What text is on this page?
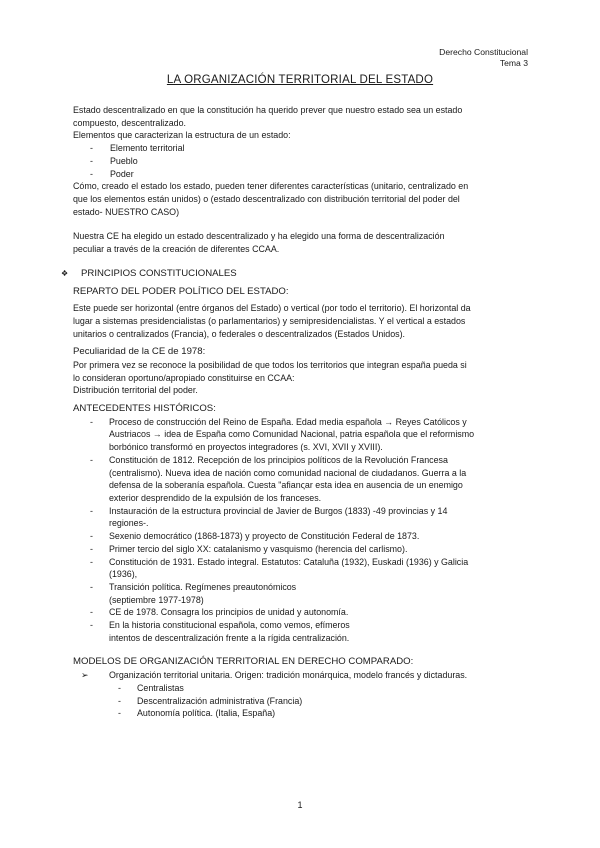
Derecho Constitucional
Tema 3
LA ORGANIZACIÓN TERRITORIAL DEL ESTADO

Estado descentralizado en que la constitución ha querido prever que nuestro estado sea un estado

compuesto, descentralizado.

Elementos que caracterizan la estructura de un estado:

- Elemento territorial
- Pueblo
- Poder

Cómo, creado el estado los estado, pueden tener diferentes características (unitario, centralizado en

que los elementos están unidos) o (estado descentralizado con distribución territorial del poder del

estado- NUESTRO CASO)

Nuestra CE ha elegido un estado descentralizado y ha elegido una forma de descentralización

peculiar a través de la creación de diferentes CCAA.

❖ PRINCIPIOS CONSTITUCIONALES

REPARTO DEL PODER POLÍTICO DEL ESTADO:

Este puede ser horizontal (entre órganos del Estado) o vertical (por todo el territorio). El horizontal da

lugar a sistemas presidencialistas (o parlamentarios) y semipresidencialistas. Y el vertical a estados

unitarios o centralizados (Francia), o federales o descentralizados (Estados Unidos).

Peculiaridad de la CE de 1978:

Por primera vez se reconoce la posibilidad de que todos los territorios que integran españa pueda si

lo consideran oportuno/apropiado constituirse en CCAA:

Distribución territorial del poder.

ANTECEDENTES HISTÓRICOS:

- Proceso de construcción del Reino de España. Edad media española → Reyes Católicos y
Austriacos → idea de España como Comunidad Nacional, patria española que el reformismo
borbónico transformó en proyectos integradores (s. XVI, XVII y XVIII).
- Constitución de 1812. Recepción de los principios políticos de la Revolución Francesa
(centralismo). Nueva idea de nación como comunidad nacional de ciudadanos. Guerra a la
defensa de la soberanía española. Cuesta "afianςar esta idea en ausencia de un enemigo
exterior desprendido de la expulsión de los franceses.
- Instauración de la estructura provincial de Javier de Burgos (1833) -49 provincias y 14
regiones-.
- Sexenio democrático (1868-1873) y proyecto de Constitución Federal de 1873.
- Primer tercio del siglo XX: catalanismo y vasquismo (herencia del carlismo).
- Constitución de 1931. Estado integral. Estatutos: Cataluña (1932), Euskadi (1936) y Galicia
(1936),
- Transición política. Regímenes preautonómicos
(septiembre 1977-1978)
- CE de 1978. Consagra los principios de unidad y autonomía.
- En la historia constitucional española, como vemos, efímeros
intentos de descentralización frente a la rígida centralización.

MODELOS DE ORGANIZACIÓN TERRITORIAL EN DERECHO COMPARADO:

➢ Organización territorial unitaria. Origen: tradición monárquica, modelo francés y dictaduras.

- Centralistas
- Descentralización administrativa (Francia)
- Autonomía política. (Italia, España)
1
